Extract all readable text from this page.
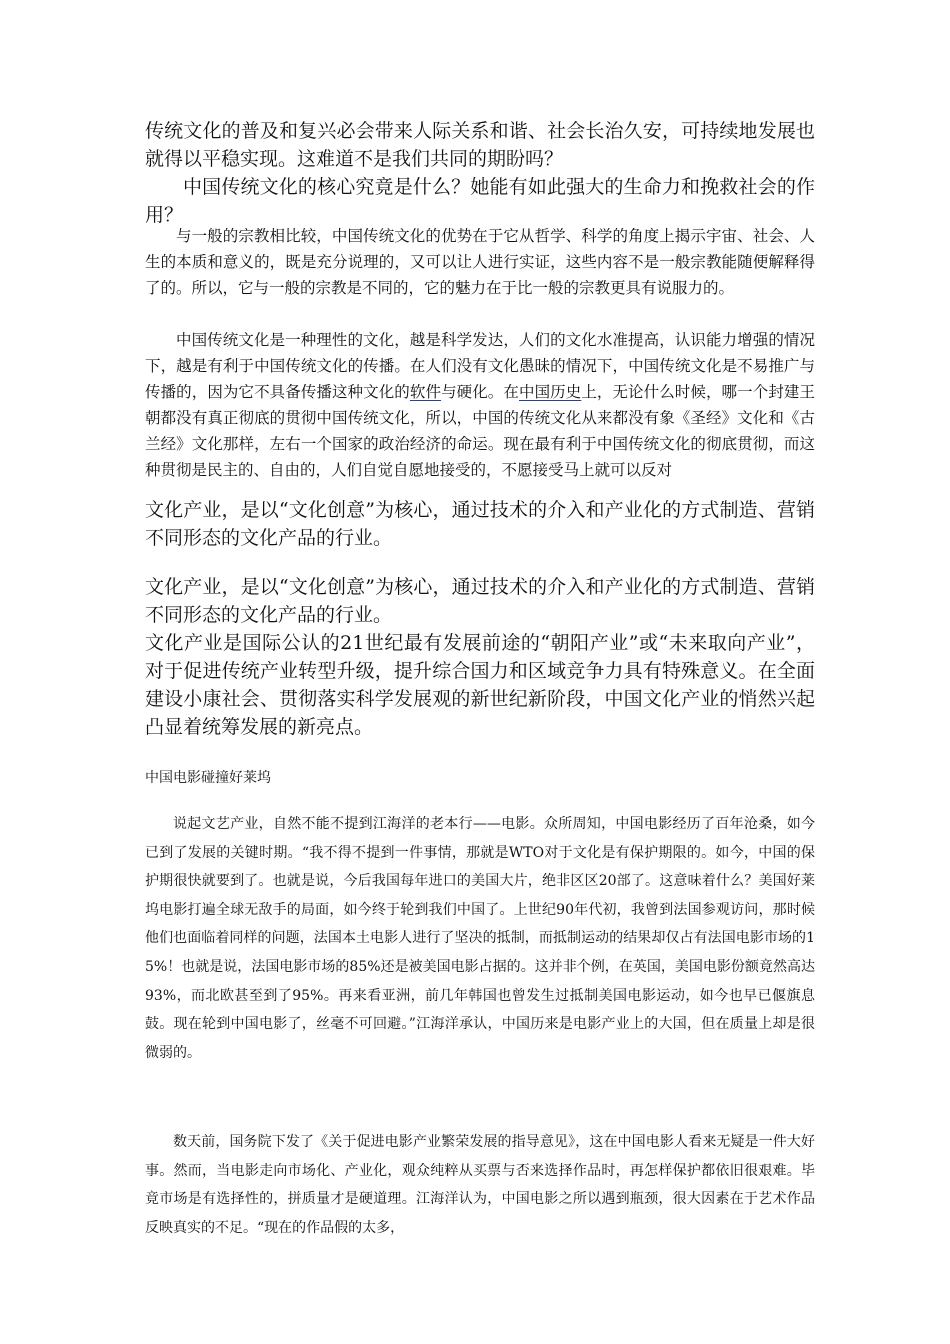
传统文化的普及和复兴必会带来人际关系和谐、社会长治久安，可持续地发展也就得以平稳实现。这难道不是我们共同的期盼吗？

中国传统文化的核心究竟是什么？她能有如此强大的生命力和挽救社会的作用？

与一般的宗教相比较，中国传统文化的优势在于它从哲学、科学的角度上揭示宇宙、社会、人生的本质和意义的，既是充分说理的，又可以让人进行实证，这些内容不是一般宗教能随便解释得了的。所以，它与一般的宗教是不同的，它的魅力在于比一般的宗教更具有说服力的。

中国传统文化是一种理性的文化，越是科学发达，人们的文化水准提高，认识能力增强的情况下，越是有利于中国传统文化的传播。在人们没有文化愚昧的情况下，中国传统文化是不易推广与传播的，因为它不具备传播这种文化的软件与硬化。在中国历史上，无论什么时候，哪一个封建王朝都没有真正彻底的贯彻中国传统文化，所以，中国的传统文化从来都没有象《圣经》文化和《古兰经》文化那样，左右一个国家的政治经济的命运。现在最有利于中国传统文化的彻底贯彻，而这种贯彻是民主的、自由的，人们自觉自愿地接受的，不愿接受马上就可以反对

文化产业，是以“文化创意”为核心，通过技术的介入和产业化的方式制造、营销不同形态的文化产品的行业。

文化产业，是以“文化创意”为核心，通过技术的介入和产业化的方式制造、营销不同形态的文化产品的行业。

文化产业是国际公认的21世纪最有发展前途的“朝阳产业”或“未来取向产业”，对于促进传统产业转型升级，提升综合国力和区域竞争力具有特殊意义。在全面建设小康社会、贯彻落实科学发展观的新世纪新阶段，中国文化产业的悄然兴起凸显着统筹发展的新亮点。

中国电影碰撞好莱坞

说起文艺产业，自然不能不提到江海洋的老本行——电影。众所周知，中国电影经历了百年沧桑，如今已到了发展的关键时期。“我不得不提到一件事情，那就是WTO对于文化是有保护期限的。如今，中国的保护期很快就要到了。也就是说，今后我国每年进口的美国大片，绝非区区20部了。这意味着什么？美国好莱坞电影打遍全球无敌手的局面，如今终于轮到我们中国了。上世纪90年代初，我曾到法国参观访问，那时候他们也面临着同样的问题，法国本土电影人进行了坚决的抵制，而抵制运动的结果却仅占有法国电影市场的15%！也就是说，法国电影市场的85%还是被美国电影占据的。这并非个例，在英国，美国电影份额竟然高达93%，而北欧甚至到了95%。再来看亚洲，前几年韩国也曾发生过抵制美国电影运动，如今也早已偃旗息鼓。现在轮到中国电影了，丝毫不可回避。”江海洋承认，中国历来是电影产业上的大国，但在质量上却是很微弱的。

数天前，国务院下发了《关于促进电影产业繁荣发展的指导意见》，这在中国电影人看来无疑是一件大好事。然而，当电影走向市场化、产业化，观众纯粹从买票与否来选择作品时，再怎样保护都依旧很艰难。毕竟市场是有选择性的，拼质量才是硬道理。江海洋认为，中国电影之所以遇到瓶颈，很大因素在于艺术作品反映真实的不足。“现在的作品假的太多，
